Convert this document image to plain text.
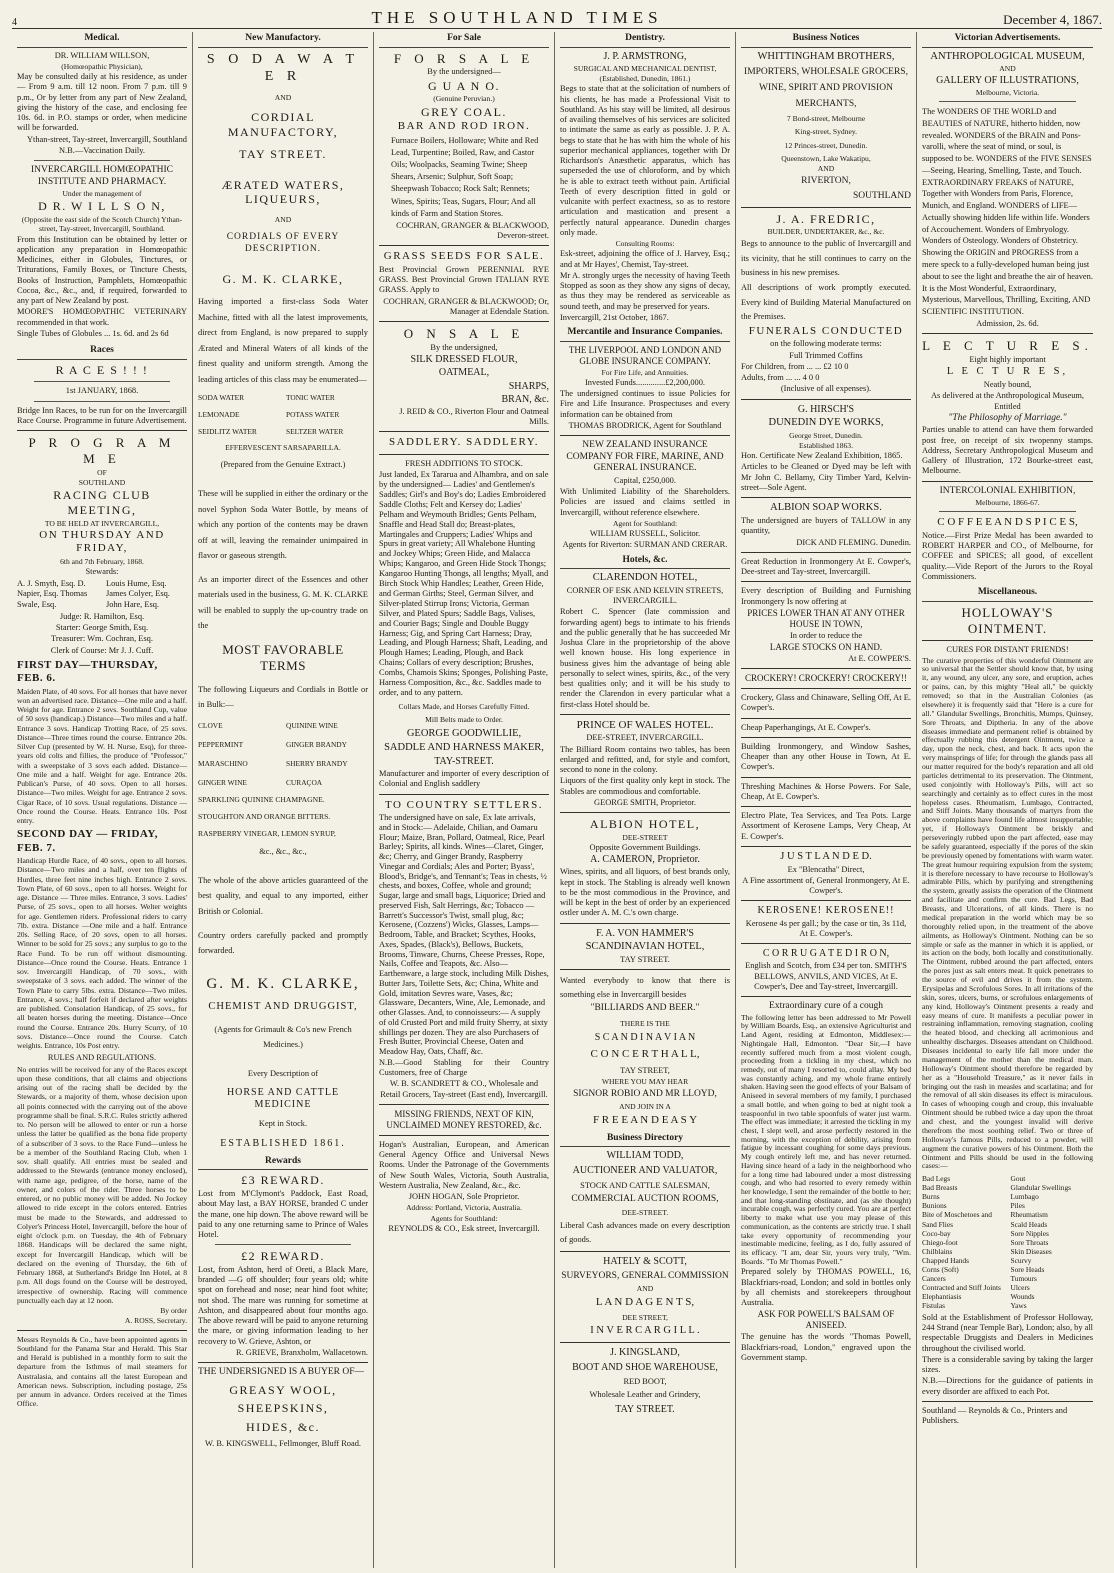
4	THE SOUTHLAND TIMES	December 4, 1867.
Medical.

DR. WILLIAM WILLSON,

(Homœopathic Physician),

May be consulted daily at his residence, as under— From 9 a.m. till 12 noon. From 7 p.m. till 9 p.m., Or by letter from any part of New Zealand, giving the history of the case, and enclosing fee 10s. 6d. in P.O. stamps or order, when medicine will be forwarded.

Ythan-street, Tay-street, Invercargill, Southland

N.B.—Vaccination Daily.

INVERCARGILL HOMŒOPATHIC INSTITUTE AND PHARMACY.

Under the management of

D R. W I L L S O N,

(Opposite the east side of the Scotch Church) Ythan-street, Tay-street, Invercargill, Southland.

From this Institution can be obtained by letter or application any preparation in Homœopathic Medicines, either in Globules, Tinctures, or Triturations, Family Boxes, or Tincture Chests, Books of Instruction, Pamphlets, Homœopathic Cocoa, &c., &c., and, if required, forwarded to any part of New Zealand by post.

MOORE'S HOMŒOPATHIC VETERINARY recommended in that work.

Single Tubes of Globules ... 1s. 6d. and 2s 6d

Races

R A C E S ! ! !

1st JANUARY, 1868.

Bridge Inn Races, to be run for on the Invercargill Race Course. Programme in future Advertisement.

P R O G R A M M E

OF

SOUTHLAND

RACING CLUB MEETING,

TO BE HELD AT INVERCARGILL,

ON THURSDAY AND FRIDAY,

6th and 7th February, 1868.

Stewards:

A. J. Smyth, Esq. D. Napier, Esq. Thomas Swale, Esq.

Louis Hume, Esq. James Colyer, Esq. John Hare, Esq.

Judge: R. Hamilton, Esq.

Starter: George Smith, Esq.

Treasurer: Wm. Cochran, Esq.

Clerk of Course: Mr J. J. Cuff.

FIRST DAY—THURSDAY, FEB. 6.

Maiden Plate, of 40 sovs. For all horses that have never won an advertised race. Distance—One mile and a half. Weight for age. Entrance 2 sovs. Southland Cup, value of 50 sovs (handicap.) Distance—Two miles and a half. Entrance 3 sovs. Handicap Trotting Race, of 25 sovs. Distance—Three times round the course. Entrance 20s. Silver Cup (presented by W. H. Nurse, Esq), for three-years old colts and fillies, the produce of "Professor," with a sweepstake of 3 sovs each added. Distance—One mile and a half. Weight for age. Entrance 20s. Publican's Purse, of 40 sovs. Open to all horses. Distance—Two miles. Weight for age. Entrance 2 sovs. Cigar Race, of 10 sovs. Usual regulations. Distance — Once round the Course. Heats. Entrance 10s. Post entry.

SECOND DAY — FRIDAY, FEB. 7.

Handicap Hurdle Race, of 40 sovs., open to all horses. Distance—Two miles and a half, over ten flights of Hurdles, three feet nine inches high. Entrance 2 sovs. Town Plate, of 60 sovs., open to all horses. Weight for age. Distance — Three miles. Entrance, 3 sovs. Ladies' Purse, of 25 sovs., open to all horses. Welter weights for age. Gentlemen riders. Professional riders to carry 7lb. extra. Distance —One mile and a half. Entrance 20s. Selling Race, of 20 sovs, open to all horses. Winner to be sold for 25 sovs.; any surplus to go to the Race Fund. To be run off without dismounting. Distance—Once round the Course. Heats. Entrance 1 sov. Invercargill Handicap, of 70 sovs., with sweepstake of 3 sovs. each added. The winner of the Town Plate to carry 5lbs. extra. Distance—Two miles. Entrance, 4 sovs.; half forfeit if declared after weights are published. Consolation Handicap, of 25 sovs., for all beaten horses during the meeting. Distance—Once round the Course. Entrance 20s. Hurry Scurry, of 10 sovs. Distance—Once round the Course. Catch weights. Entrance, 10s Post entry.

RULES AND REGULATIONS.

No entries will be received for any of the Races except upon these conditions, that all claims and objections arising out of the racing shall be decided by the Stewards, or a majority of them, whose decision upon all points connected with the carrying out of the above programme shall be final. S.R.C. Rules strictly adhered to. No person will be allowed to enter or run a horse unless the latter be qualified as the bona fide property of a subscriber of 3 sovs. to the Race Fund—unless he be a member of the Southland Racing Club, when 1 sov. shall qualify. All entries must be sealed and addressed to the Stewards (entrance money enclosed), with name age, pedigree, of the horse, name of the owner, and colors of the rider. Three horses to be entered, or no public money will be added. No Jockey allowed to ride except in the colors entered. Entries must be made to the Stewards, and addressed to Colyer's Princess Hotel, Invercargill, before the hour of eight o'clock p.m. on Tuesday, the 4th of February 1868. Handicaps will be declared the same night, except for Invercargill Handicap, which will be declared on the evening of Thursday, the 6th of February 1868, at Sutherland's Bridge Inn Hotel, at 8 p.m. All dogs found on the Course will be destroyed, irrespective of ownership. Racing will commence punctually each day at 12 noon.

By order

A. ROSS, Secretary.

Messrs Reynolds & Co., have been appointed agents in Southland for the Panama Star and Herald. This Star and Herald is published in a monthly form to suit the departure from the Isthmus of mail steamers for Australasia, and contains all the latest European and American news. Subscription, including postage, 25s per annum in advance. Orders received at the Times Office.

New Manufactory.

S O D A W A T E R

AND

CORDIAL MANUFACTORY,

TAY STREET.

ÆRATED WATERS, LIQUEURS,

AND

CORDIALS OF EVERY DESCRIPTION.

G. M. K. CLARKE,

Having imported a first-class Soda Water Machine, fitted with all the latest improvements, direct from England, is now prepared to supply Ærated and Mineral Waters of all kinds of the finest quality and uniform strength. Among the leading articles of this class may be enumerated—

SODA WATER	TONIC WATER
LEMONADE	POTASS WATER
SEIDLITZ WATER	SELTZER WATER

EFFERVESCENT SARSAPARILLA.

(Prepared from the Genuine Extract.)

These will be supplied in either the ordinary or the novel Syphon Soda Water Bottle, by means of which any portion of the contents may be drawn off at will, leaving the remainder unimpaired in flavor or gaseous strength.

As an importer direct of the Essences and other materials used in the business, G. M. K. CLARKE will be enabled to supply the up-country trade on the

MOST FAVORABLE TERMS

The following Liqueurs and Cordials in Bottle or in Bulk:—

CLOVE	QUININE WINE
PEPPERMINT	GINGER BRANDY
MARASCHINO	SHERRY BRANDY
GINGER WINE	CURAÇOA

SPARKLING QUININE CHAMPAGNE.

STOUGHTON AND ORANGE BITTERS.

RASPBERRY VINEGAR, LEMON SYRUP,

&c., &c., &c.,

The whole of the above articles guaranteed of the best quality, and equal to any imported, either British or Colonial.

Country orders carefully packed and promptly forwarded.

G. M. K. CLARKE,

CHEMIST AND DRUGGIST,

(Agents for Grimault & Co's new French Medicines.)

Every Description of

HORSE AND CATTLE MEDICINE

Kept in Stock.

ESTABLISHED 1861.

Rewards

£3 REWARD.

Lost from M'Clymont's Paddock, East Road, about May last, a BAY HORSE, branded C under the mane, one hip down. The above reward will be paid to any one returning same to Prince of Wales Hotel.

£2 REWARD.

Lost, from Ashton, herd of Oreti, a Black Mare, branded —G off shoulder; four years old; white spot on forehead and nose; near hind foot white; not shod. The mare was running for sometime at Ashton, and disappeared about four months ago. The above reward will be paid to anyone returning the mare, or giving information leading to her recovery to W. Grieve, Ashton, or

R. GRIEVE, Branxholm, Wallacetown.

THE UNDERSIGNED IS A BUYER OF—

GREASY WOOL,

SHEEPSKINS,

HIDES, &c.

W. B. KINGSWELL, Fellmonger, Bluff Road.

For Sale

F O R S A L E

By the undersigned—

G U A N O.

(Genuine Peruvian.)

GREY COAL.

BAR AND ROD IRON.

Furnace Boilers, Holloware; White and Red Lead, Turpentine; Boiled, Raw, and Castor Oils; Woolpacks, Seaming Twine; Sheep Shears, Arsenic; Sulphur, Soft Soap; Sheepwash Tobacco; Rock Salt; Rennets; Wines, Spirits; Teas, Sugars, Flour; And all kinds of Farm and Station Stores.

COCHRAN, GRANGER & BLACKWOOD, Deveron-street.

GRASS SEEDS FOR SALE.

Best Provincial Grown PERENNIAL RYE GRASS. Best Provincial Grown ITALIAN RYE GRASS. Apply to

COCHRAN, GRANGER & BLACKWOOD; Or, Manager at Edendale Station.

O N S A L E

By the undersigned,

SILK DRESSED FLOUR,

OATMEAL,

SHARPS,

BRAN, &c.

J. REID & CO., Riverton Flour and Oatmeal Mills.

SADDLERY. SADDLERY.

FRESH ADDITIONS TO STOCK.

Just landed, Ex Tararua and Alhambra, and on sale by the undersigned— Ladies' and Gentlemen's Saddles; Girl's and Boy's do; Ladies Embroidered Saddle Cloths; Felt and Kersey do; Ladies' Pelham and Weymouth Bridles; Gents Pelham, Snaffle and Head Stall do; Breast-plates, Martingales and Cruppers; Ladies' Whips and Spurs in great variety; All Whalebone Hunting and Jockey Whips; Green Hide, and Malacca Whips; Kangaroo, and Green Hide Stock Thongs; Kangaroo Hunting Thongs, all lengths; Myall, and Birch Stock Whip Handles; Leather, Green Hide, and German Girths; Steel, German Silver, and Silver-plated Stirrup Irons; Victoria, German Silver, and Plated Spurs; Saddle Bags, Valises, and Courier Bags; Single and Double Buggy Harness; Gig, and Spring Cart Harness; Dray, Leading, and Plough Harness; Shaft, Leading, and Plough Hames; Leading, Plough, and Back Chains; Collars of every description; Brushes, Combs, Chamois Skins; Sponges, Polishing Paste, Harness Composition, &c., &c. Saddles made to order, and to any pattern.

Collars Made, and Horses Carefully Fitted.

Mill Belts made to Order.

GEORGE GOODWILLIE,

SADDLE AND HARNESS MAKER,

TAY-STREET.

Manufacturer and importer of every description of Colonial and English saddlery

TO COUNTRY SETTLERS.

The undersigned have on sale, Ex late arrivals, and in Stock:— Adelaide, Chilian, and Oamaru Flour; Maize, Bran, Pollard, Oatmeal, Rice, Pearl Barley; Spirits, all kinds. Wines—Claret, Ginger, &c; Cherry, and Ginger Brandy, Raspberry Vinegar and Cordials; Ales and Porter; Byass', Blood's, Bridge's, and Tennant's; Teas in chests, ½ chests, and boxes, Coffee, whole and ground; Sugar, large and small bags, Liquorice; Dried and preserved Fish, Salt Herrings, &c; Tobacco — Barrett's Successor's Twist, small plug, &c; Kerosene, (Cozzens') Wicks, Glasses, Lamps—Bedroom, Table, and Bracket; Scythes, Hooks, Axes, Spades, (Black's), Bellows, Buckets, Brooms, Tinware, Churns, Cheese Presses, Rope, Nails, Coffee and Teapots, &c. Also— Earthenware, a large stock, including Milk Dishes, Butter Jars, Toilette Sets, &c; China, White and Gold, imitation Sevres ware, Vases, &c; Glassware, Decanters, Wine, Ale, Lemonade, and other Glasses. And, to connoisseurs:— A supply of old Crusted Port and mild fruity Sherry, at sixty shillings per dozen. They are also Purchasers of Fresh Butter, Provincial Cheese, Oaten and Meadow Hay, Oats, Chaff, &c.

N.B.—Good Stabling for their Country Customers, free of Charge

W. B. SCANDRETT & CO., Wholesale and Retail Grocers, Tay-street (East end), Invercargill.

MISSING FRIENDS, NEXT OF KIN, UNCLAIMED MONEY RESTORED, &c.

Hogan's Australian, European, and American General Agency Office and Universal News Rooms. Under the Patronage of the Governments of New South Wales, Victoria, South Australia, Western Australia, New Zealand, &c., &c.

JOHN HOGAN, Sole Proprietor.

Address: Portland, Victoria, Australia.

Agents for Southland:

REYNOLDS & CO., Esk street, Invercargill.

Dentistry.

J. P. ARMSTRONG,

SURGICAL AND MECHANICAL DENTIST,

(Established, Dunedin, 1861.)

Begs to state that at the solicitation of numbers of his clients, he has made a Professional Visit to Southland. As his stay will be limited, all desirous of availing themselves of his services are solicited to intimate the same as early as possible. J. P. A. begs to state that he has with him the whole of his superior mechanical appliances, together with Dr Richardson's Anæsthetic apparatus, which has superseded the use of chloroform, and by which he is able to extract teeth without pain. Artificial Teeth of every description fitted in gold or vulcanite with perfect exactness, so as to restore articulation and mastication and present a perfectly natural appearance. Dunedin charges only made.

Consulting Rooms:

Esk-street, adjoining the office of J. Harvey, Esq.; and at Mr Hayes', Chemist, Tay-street.

Mr A. strongly urges the necessity of having Teeth Stopped as soon as they show any signs of decay, as thus they may be rendered as serviceable as sound teeth, and may be preserved for years.

Invercargill, 21st October, 1867.

Mercantile and Insurance Companies.

THE LIVERPOOL AND LONDON AND GLOBE INSURANCE COMPANY.

For Fire Life, and Annuities.

Invested Funds..............£2,200,000.

The undersigned continues to issue Policies for Fire and Life Insurance. Prospectuses and every information can be obtained from

THOMAS BRODRICK, Agent for Southland

NEW ZEALAND INSURANCE COMPANY FOR FIRE, MARINE, AND GENERAL INSURANCE.

Capital, £250,000.

With Unlimited Liability of the Shareholders. Policies are issued and claims settled in Invercargill, without reference elsewhere.

Agent for Southland:

WILLIAM RUSSELL, Solicitor.

Agents for Riverton: SURMAN AND CRERAR.

Hotels, &c.

CLARENDON HOTEL,

CORNER OF ESK AND KELVIN STREETS, INVERCARGILL.

Robert C. Spencer (late commission and forwarding agent) begs to intimate to his friends and the public generally that he has succeeded Mr Joshua Clare in the proprietorship of the above well known house. His long experience in business gives him the advantage of being able personally to select wines, spirits, &c., of the very best qualities only; and it will be his study to render the Clarendon in every particular what a first-class Hotel should be.

PRINCE OF WALES HOTEL.

DEE-STREET, INVERCARGILL.

The Billiard Room contains two tables, has been enlarged and refitted, and, for style and comfort, second to none in the colony.

Liquors of the first quality only kept in stock. The Stables are commodious and comfortable.

GEORGE SMITH, Proprietor.

ALBION HOTEL,

DEE-STREET

Opposite Government Buildings.

A. CAMERON, Proprietor.

Wines, spirits, and all liquors, of best brands only, kept in stock. The Stabling is already well known to be the most commodious in the Province, and will be kept in the best of order by an experienced ostler under A. M. C.'s own charge.

F. A. VON HAMMER'S

SCANDINAVIAN HOTEL,

TAY STREET.

Wanted everybody to know that there is something else in Invercargill besides

"BILLIARDS AND BEER."

THERE IS THE

S C A N D I N A V I A N

C O N C E R T H A L L,

TAY STREET,

WHERE YOU MAY HEAR

SIGNOR ROBIO AND MR LLOYD,

AND JOIN IN A

F R E E A N D E A S Y

Business Directory

WILLIAM TODD,

AUCTIONEER AND VALUATOR,

STOCK AND CATTLE SALESMAN,

COMMERCIAL AUCTION ROOMS,

DEE-STREET.

Liberal Cash advances made on every description of goods.

HATELY & SCOTT,

SURVEYORS, GENERAL COMMISSION

AND

L A N D A G E N T S,

DEE STREET,

I N V E R C A R G I L L .

J. KINGSLAND,

BOOT AND SHOE WAREHOUSE,

RED BOOT,

Wholesale Leather and Grindery,

TAY STREET.

Business Notices

WHITTINGHAM BROTHERS,

IMPORTERS, WHOLESALE GROCERS,

WINE, SPIRIT AND PROVISION

MERCHANTS,

7 Bond-street, Melbourne

King-street, Sydney.

12 Princes-street, Dunedin.

Queenstown, Lake Wakatipu,

AND

RIVERTON,

SOUTHLAND

J. A. FREDRIC,

BUILDER, UNDERTAKER, &c., &c.

Begs to announce to the public of Invercargill and its vicinity, that he still continues to carry on the business in his new premises.

All descriptions of work promptly executed. Every kind of Building Material Manufactured on the Premises.

FUNERALS CONDUCTED

on the following moderate terms:

Full Trimmed Coffins

For Children, from ... ... £2 10 0

Adults, from ... ... 4 0 0

(Inclusive of all expenses).

G. HIRSCH'S

DUNEDIN DYE WORKS,

George Street, Dunedin.

Established 1863.

Hon. Certificate New Zealand Exhibition, 1865.

Articles to be Cleaned or Dyed may be left with Mr John C. Bellamy, City Timber Yard, Kelvin-street—Sole Agent.

ALBION SOAP WORKS.

The undersigned are buyers of TALLOW in any quantity,

DICK AND FLEMING. Dunedin.

Great Reduction in Ironmongery At E. Cowper's, Dee-street and Tay-street, Invercargill.

Every description of Building and Furnishing Ironmongery Is now offering at

PRICES LOWER THAN AT ANY OTHER HOUSE IN TOWN,

In order to reduce the

LARGE STOCKS ON HAND.

At E. COWPER'S.

CROCKERY! CROCKERY! CROCKERY!!

Crockery, Glass and Chinaware, Selling Off, At E. Cowper's.

Cheap Paperhangings, At E. Cowper's.

Building Ironmongery, and Window Sashes, Cheaper than any other House in Town, At E. Cowper's.

Threshing Machines & Horse Powers. For Sale, Cheap, At E. Cowper's.

Electro Plate, Tea Services, and Tea Pots. Large Assortment of Kerosene Lamps, Very Cheap, At E. Cowper's.

J U S T L A N D E D.

Ex "Blencatha" Direct,

A Fine assortment of, General Ironmongery, At E. Cowper's.

KEROSENE! KEROSENE!!

Kerosene 4s per gall.; by the case or tin, 3s 11d, At E. Cowper's.

C O R R U G A T E D I R O N,

English and Scotch, from £34 per ton. SMITH'S BELLOWS, ANVILS, AND VICES, At E. Cowper's, Dee and Tay-street, Invercargill.

Extraordinary cure of a cough

The following letter has been addressed to Mr Powell by William Boards, Esq., an extensive Agriculturist and Land Agent, residing at Edmonton, Middlesex:— Nightingale Hall, Edmonton. "Dear Sir,—I have recently suffered much from a most violent cough, proceeding from a tickling in my chest, which no remedy, out of many I resorted to, could allay. My bed was constantly aching, and my whole frame entirely shaken. Having seen the good effects of your Balsam of Aniseed in several members of my family, I purchased a small bottle, and when going to bed at night took a teaspoonful in two table spoonfuls of water just warm. The effect was immediate; it arrested the tickling in my chest, I slept well, and arose perfectly restored in the morning, with the exception of debility, arising from fatigue by incessant coughing for some days previous. My cough entirely left me, and has never returned. Having since heard of a lady in the neighborhood who for a long time had laboured under a most distressing cough, and who had resorted to every remedy within her knowledge, I sent the remainder of the bottle to her; and that long-standing obstinate, and (as she thought) incurable cough, was perfectly cured. You are at perfect liberty to make what use you may please of this communication, as the contents are strictly true. I shall take every opportunity of recommending your inestimable medicine, feeling, as I do, fully assured of its efficacy. "I am, dear Sir, yours very truly, "Wm. Boards. "To Mr Thomas Powell."

Prepared solely by THOMAS POWELL, 16, Blackfriars-road, London; and sold in bottles only by all chemists and storekeepers throughout Australia.

ASK FOR POWELL'S BALSAM OF ANISEED.

The genuine has the words "Thomas Powell, Blackfriars-road, London," engraved upon the Government stamp.

Victorian Advertisements.

ANTHROPOLOGICAL MUSEUM,

AND

GALLERY OF ILLUSTRATIONS,

Melbourne, Victoria.

The WONDERS OF THE WORLD and BEAUTIES of NATURE, hitherto hidden, now revealed. WONDERS of the BRAIN and Pons-varolli, where the seat of mind, or soul, is supposed to be. WONDERS of the FIVE SENSES—Seeing, Hearing, Smelling, Taste, and Touch. EXTRAORDINARY FREAKS of NATURE, Together with Wonders from Paris, Florence, Munich, and England. WONDERS of LIFE—Actually showing hidden life within life. Wonders of Accouchement. Wonders of Embryology. Wonders of Osteology. Wonders of Obstetricy. Showing the ORIGIN and PROGRESS from a mere speck to a fully-developed human being just about to see the light and breathe the air of heaven. It is the Most Wonderful, Extraordinary, Mysterious, Marvellous, Thrilling, Exciting, AND SCIENTIFIC INSTITUTION.

Admission, 2s. 6d.

L E C T U R E S.

Eight highly important

L E C T U R E S,

Neatly bound,

As delivered at the Anthropological Museum, Entitled

"The Philosophy of Marriage."

Parties unable to attend can have them forwarded post free, on receipt of six twopenny stamps. Address, Secretary Anthropological Museum and Gallery of Illustration, 172 Bourke-street east, Melbourne.

INTERCOLONIAL EXHIBITION,

Melbourne, 1866-67.

C O F F E E A N D S P I C E S,

Notice.—First Prize Medal has been awarded to ROBERT HARPER and CO., of Melbourne, for COFFEE and SPICES; all good, of excellent quality.—Vide Report of the Jurors to the Royal Commissioners.

Miscellaneous.

HOLLOWAY'S OINTMENT.

CURES FOR DISTANT FRIENDS!

The curative properties of this wonderful Ointment are so universal that the Settler should know that, by using it, any wound, any ulcer, any sore, and eruption, aches or pains, can, by this mighty "Heal all," be quickly removed; so that in the Australian Colonies (as elsewhere) it is frequently said that "Here is a cure for all." Glandular Swellings, Bronchitis, Mumps, Quinsey, Sore Throats, and Diptheria. In any of the above diseases immediate and permanent relief is obtained by effectually rubbing this detergent Ointment, twice a day, upon the neck, chest, and back. It acts upon the very mainsprings of life; for through the glands pass all our matter required for the body's reparation and all old particles detrimental to its preservation. The Ointment, used conjointly with Holloway's Pills, will act so searchingly and certainly as to effect cures in the most hopeless cases. Rheumatism, Lumbago, Contracted, and Stiff Joints. Many thousands of martyrs from the above complaints have found life almost insupportable; yet, if Holloway's Ointment be briskly and perseveringly rubbed upon the part affected, ease may be safely guaranteed, especially if the pores of the skin be previously opened by fomentations with warm water. The great humour requiring expulsion from the system; it is therefore necessary to have recourse to Holloway's admirable Pills, which by purifying and strengthening the system, greatly assists the operation of the Ointment and facilitate and confirm the cure. Bad Legs, Bad Breasts, and Ulcerations, of all kinds. There is no medical preparation in the world which may be so thoroughly relied upon, in the treatment of the above ailments, as Holloway's Ointment. Nothing can be so simple or safe as the manner in which it is applied, or its action on the body, both locally and constitutionally. The Ointment, rubbed around the part affected, enters the pores just as salt enters meat. It quick penetrates to the source of evil and drives it from the system. Erysipelas and Scrofulous Sores. In all irritations of the skin, sores, ulcers, burns, or scrofulous enlargements of any kind, Holloway's Ointment presents a ready and easy means of cure. It manifests a peculiar power in restraining inflammation, removing stagnation, cooling the heated blood, and checking all acrimonious and unhealthy discharges. Diseases attendant on Childhood. Diseases incidental to early life fall more under the management of the mother than the medical man. Holloway's Ointment should therefore be regarded by her as a "Household Treasure," as it never fails in bringing out the rash in measles and scarlatina; and for the removal of all skin diseases its effect is miraculous. In cases of whooping cough and croup, this invaluable Ointment should be rubbed twice a day upon the throat and chest, and the youngest invalid will derive therefrom the most soothing relief. Two or three of Holloway's famous Pills, reduced to a powder, will augment the curative powers of his Ointment. Both the Ointment and Pills should be used in the following cases:—

Bad Legs
Bad Breasts
Burns
Bunions
Bite of Moschetoes and Sand Flies
Coco-bay
Chiego-foot
Chilblains
Chapped Hands
Corns (Soft)
Cancers
Contracted and Stiff Joints
Elephantiasis
Fistulas
Gout
Glandular Swellings
Lumbago
Piles
Rheumatism
Scald Heads
Sore Nipples
Sore Throats
Skin Diseases
Scurvy
Sore Heads
Tumours
Ulcers
Wounds
Yaws

Sold at the Establishment of Professor Holloway, 244 Strand (near Temple Bar), London; also, by all respectable Druggists and Dealers in Medicines throughout the civilised world.

There is a considerable saving by taking the larger sizes.

N.B.—Directions for the guidance of patients in every disorder are affixed to each Pot.

Southland — Reynolds & Co., Printers and Publishers.
